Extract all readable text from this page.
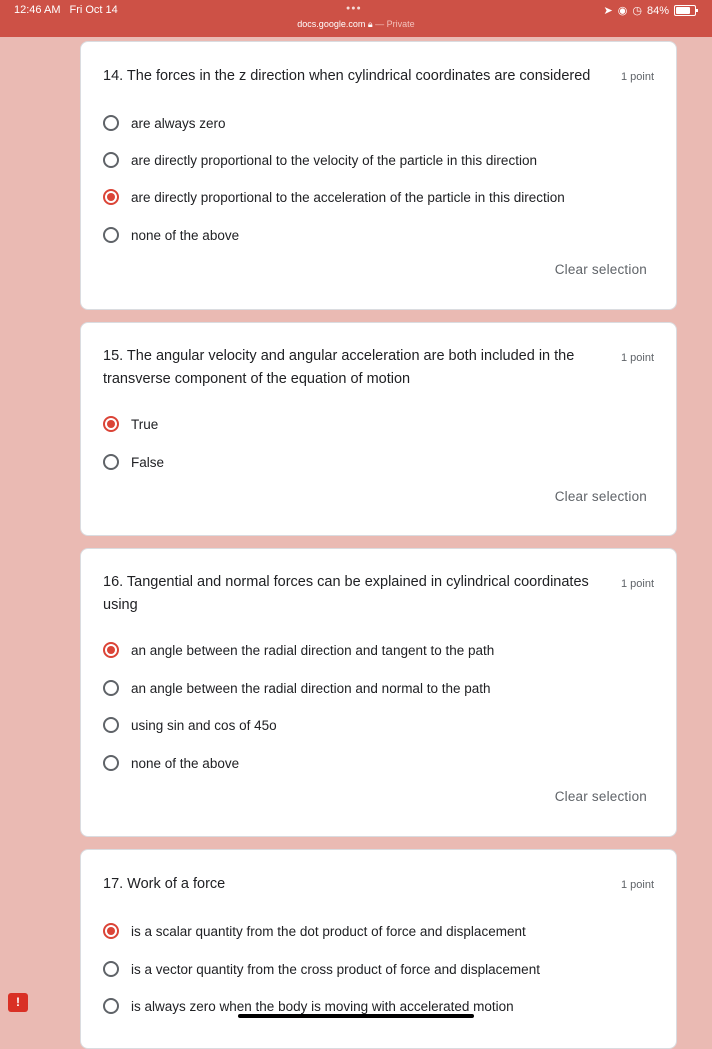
12:46 AM Fri Oct 14	●●●
docs.google.com 🔒︎ — Private
➤ ◉ ◷ 84%
14. The forces in the z direction when cylindrical coordinates are considered	1 point
are always zero
are directly proportional to the velocity of the particle in this direction
are directly proportional to the acceleration of the particle in this direction
none of the above
Clear selection
15. The angular velocity and angular acceleration are both included in the transverse component of the equation of motion
1 point
True
False
Clear selection
16. Tangential and normal forces can be explained in cylindrical coordinates using
1 point
an angle between the radial direction and tangent to the path
an angle between the radial direction and normal to the path
using sin and cos of 45o
none of the above
Clear selection
17. Work of a force	1 point
is a scalar quantity from the dot product of force and displacement
is a vector quantity from the cross product of force and displacement
is always zero when the body is moving with accelerated motion
!
